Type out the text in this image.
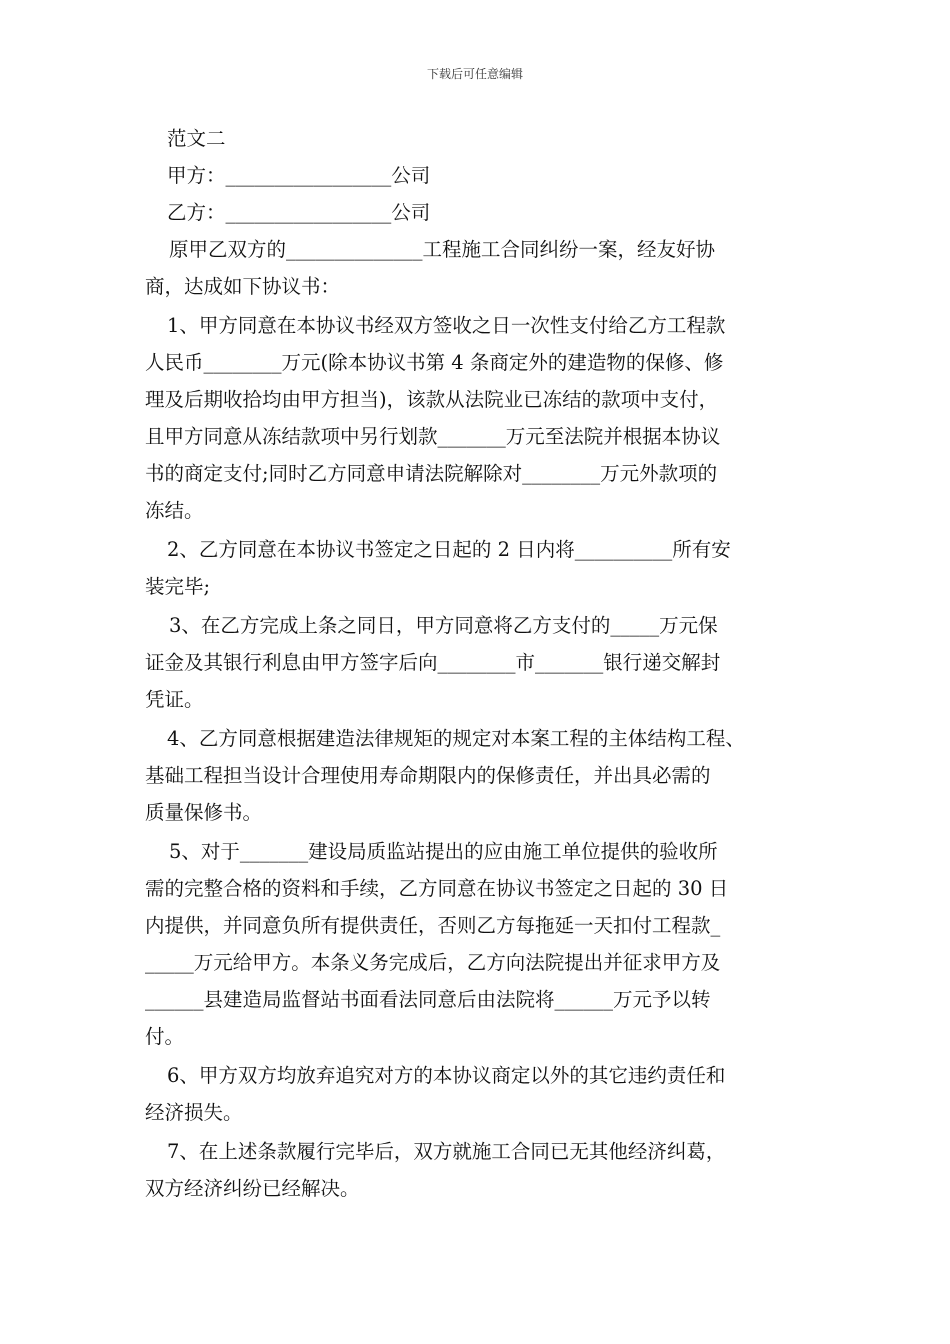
下载后可任意编辑
范文二
甲方：_________________公司
乙方：_________________公司
原甲乙双方的______________工程施工合同纠纷一案，经友好协
商，达成如下协议书：
1、甲方同意在本协议书经双方签收之日一次性支付给乙方工程款
人民币________万元(除本协议书第 4 条商定外的建造物的保修、修
理及后期收拾均由甲方担当)，该款从法院业已冻结的款项中支付，
且甲方同意从冻结款项中另行划款_______万元至法院并根据本协议
书的商定支付;同时乙方同意申请法院解除对________万元外款项的
冻结。
2、乙方同意在本协议书签定之日起的 2 日内将__________所有安
装完毕;
3、在乙方完成上条之同日，甲方同意将乙方支付的_____万元保
证金及其银行利息由甲方签字后向________市_______银行递交解封
凭证。
4、乙方同意根据建造法律规矩的规定对本案工程的主体结构工程、
基础工程担当设计合理使用寿命期限内的保修责任，并出具必需的
质量保修书。
5、对于_______建设局质监站提出的应由施工单位提供的验收所
需的完整合格的资料和手续，乙方同意在协议书签定之日起的 30 日
内提供，并同意负所有提供责任，否则乙方每拖延一天扣付工程款_
_____万元给甲方。本条义务完成后，乙方向法院提出并征求甲方及
______县建造局监督站书面看法同意后由法院将______万元予以转
付。
6、甲方双方均放弃追究对方的本协议商定以外的其它违约责任和
经济损失。
7、在上述条款履行完毕后，双方就施工合同已无其他经济纠葛，
双方经济纠纷已经解决。
